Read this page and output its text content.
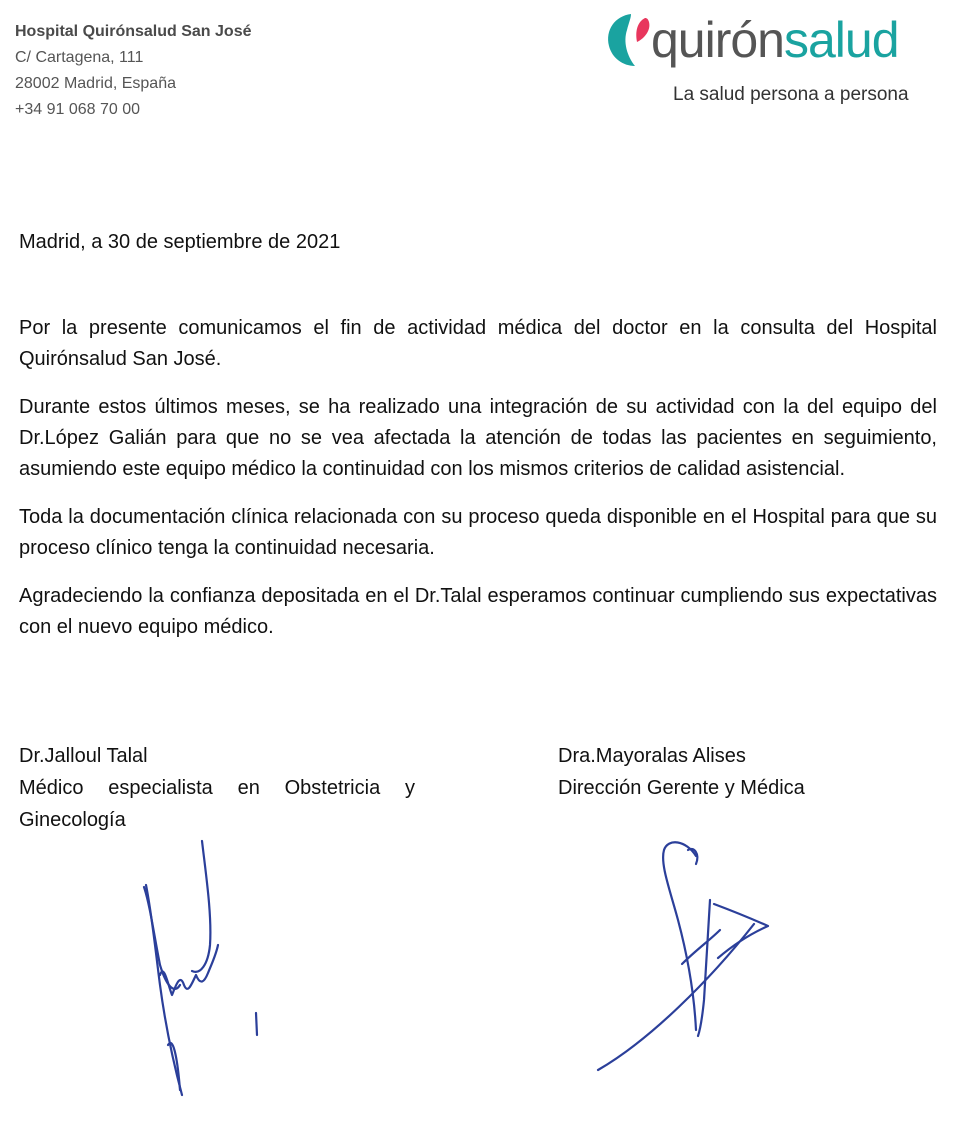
Hospital Quirónsalud San José
C/ Cartagena, 111
28002 Madrid, España
+34 91 068 70 00
quirónsalud
La salud persona a persona
Madrid, a 30 de septiembre de 2021

Por la presente comunicamos el fin de actividad médica del doctor en la consulta del Hospital Quirónsalud San José.

Durante estos últimos meses, se ha realizado una integración de su actividad con la del equipo del Dr.López Galián para que no se vea afectada la atención de todas las pacientes en seguimiento, asumiendo este equipo médico la continuidad con los mismos criterios de calidad asistencial.

Toda la documentación clínica relacionada con su proceso queda disponible en el Hospital para que su proceso clínico tenga la continuidad necesaria.

Agradeciendo la confianza depositada en el Dr.Talal esperamos continuar cumpliendo sus expectativas con el nuevo equipo médico.

Dr.Jalloul Talal
Médico especialista en Obstetricia y Ginecología
Dra.Mayoralas Alises
Dirección Gerente y Médica
